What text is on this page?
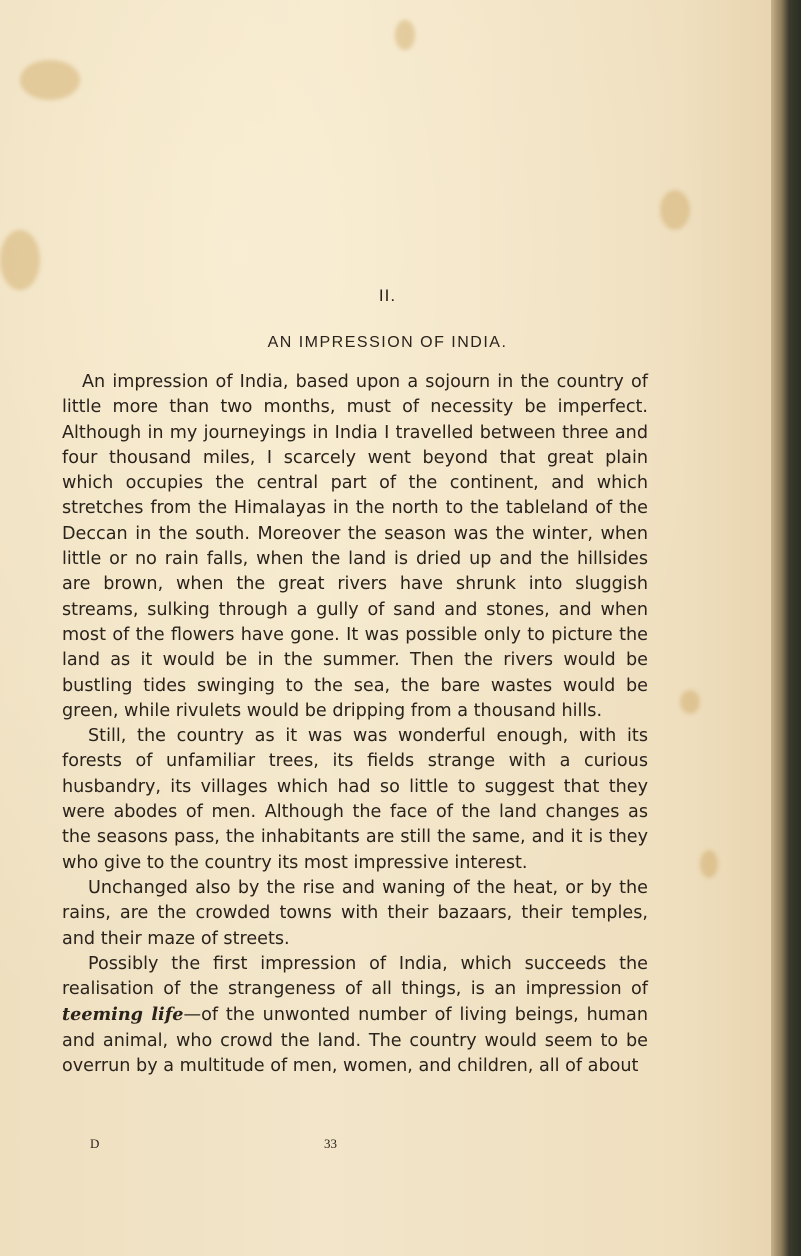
II.
AN IMPRESSION OF INDIA.

An impression of India, based upon a sojourn in the country of little more than two months, must of necessity be imperfect. Although in my journeyings in India I travelled between three and four thousand miles, I scarcely went beyond that great plain which occupies the central part of the continent, and which stretches from the Himalayas in the north to the tableland of the Deccan in the south. Moreover the season was the winter, when little or no rain falls, when the land is dried up and the hillsides are brown, when the great rivers have shrunk into sluggish streams, sulking through a gully of sand and stones, and when most of the flowers have gone. It was possible only to picture the land as it would be in the summer. Then the rivers would be bustling tides swinging to the sea, the bare wastes would be green, while rivulets would be dripping from a thousand hills.

Still, the country as it was was wonderful enough, with its forests of unfamiliar trees, its fields strange with a curious husbandry, its villages which had so little to suggest that they were abodes of men. Although the face of the land changes as the seasons pass, the inhabitants are still the same, and it is they who give to the country its most impressive interest.

Unchanged also by the rise and waning of the heat, or by the rains, are the crowded towns with their bazaars, their temples, and their maze of streets.

Possibly the first impression of India, which succeeds the realisation of the strangeness of all things, is an impression of teeming life—of the unwonted number of living beings, human and animal, who crowd the land. The country would seem to be overrun by a multitude of men, women, and children, all of about

D	33
